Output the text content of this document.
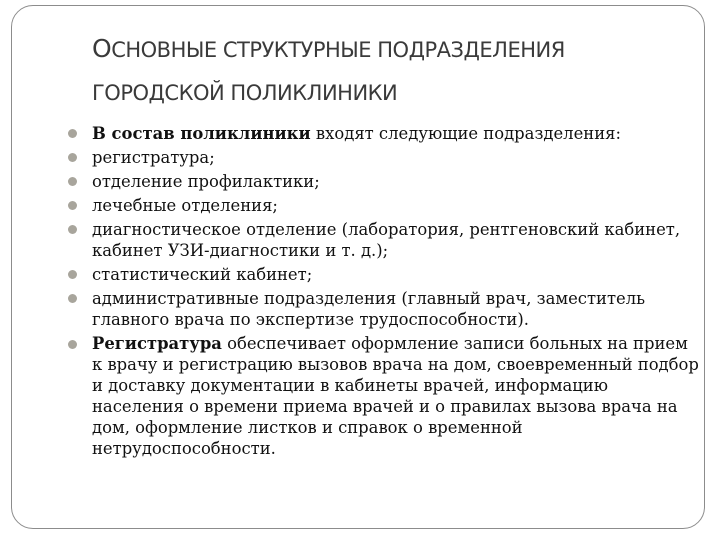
ОСНОВНЫЕ СТРУКТУРНЫЕ ПОДРАЗДЕЛЕНИЯ
ГОРОДСКОЙ ПОЛИКЛИНИКИ
В состав поликлиники входят следующие подразделения:
регистратура;
отделение профилактики;
лечебные отделения;
диагностическое отделение (лаборатория, рентгеновский кабинет, кабинет УЗИ-диагностики и т. д.);
статистический кабинет;
административные подразделения (главный врач, заместитель главного врача по экспертизе трудоспособности).
Регистратура обеспечивает оформление записи больных на прием к врачу и регистрацию вызовов врача на дом, своевременный подбор и доставку документации в кабинеты врачей, информацию населения о времени приема врачей и о правилах вызова врача на дом, оформление листков и справок о временной нетрудоспособности.
